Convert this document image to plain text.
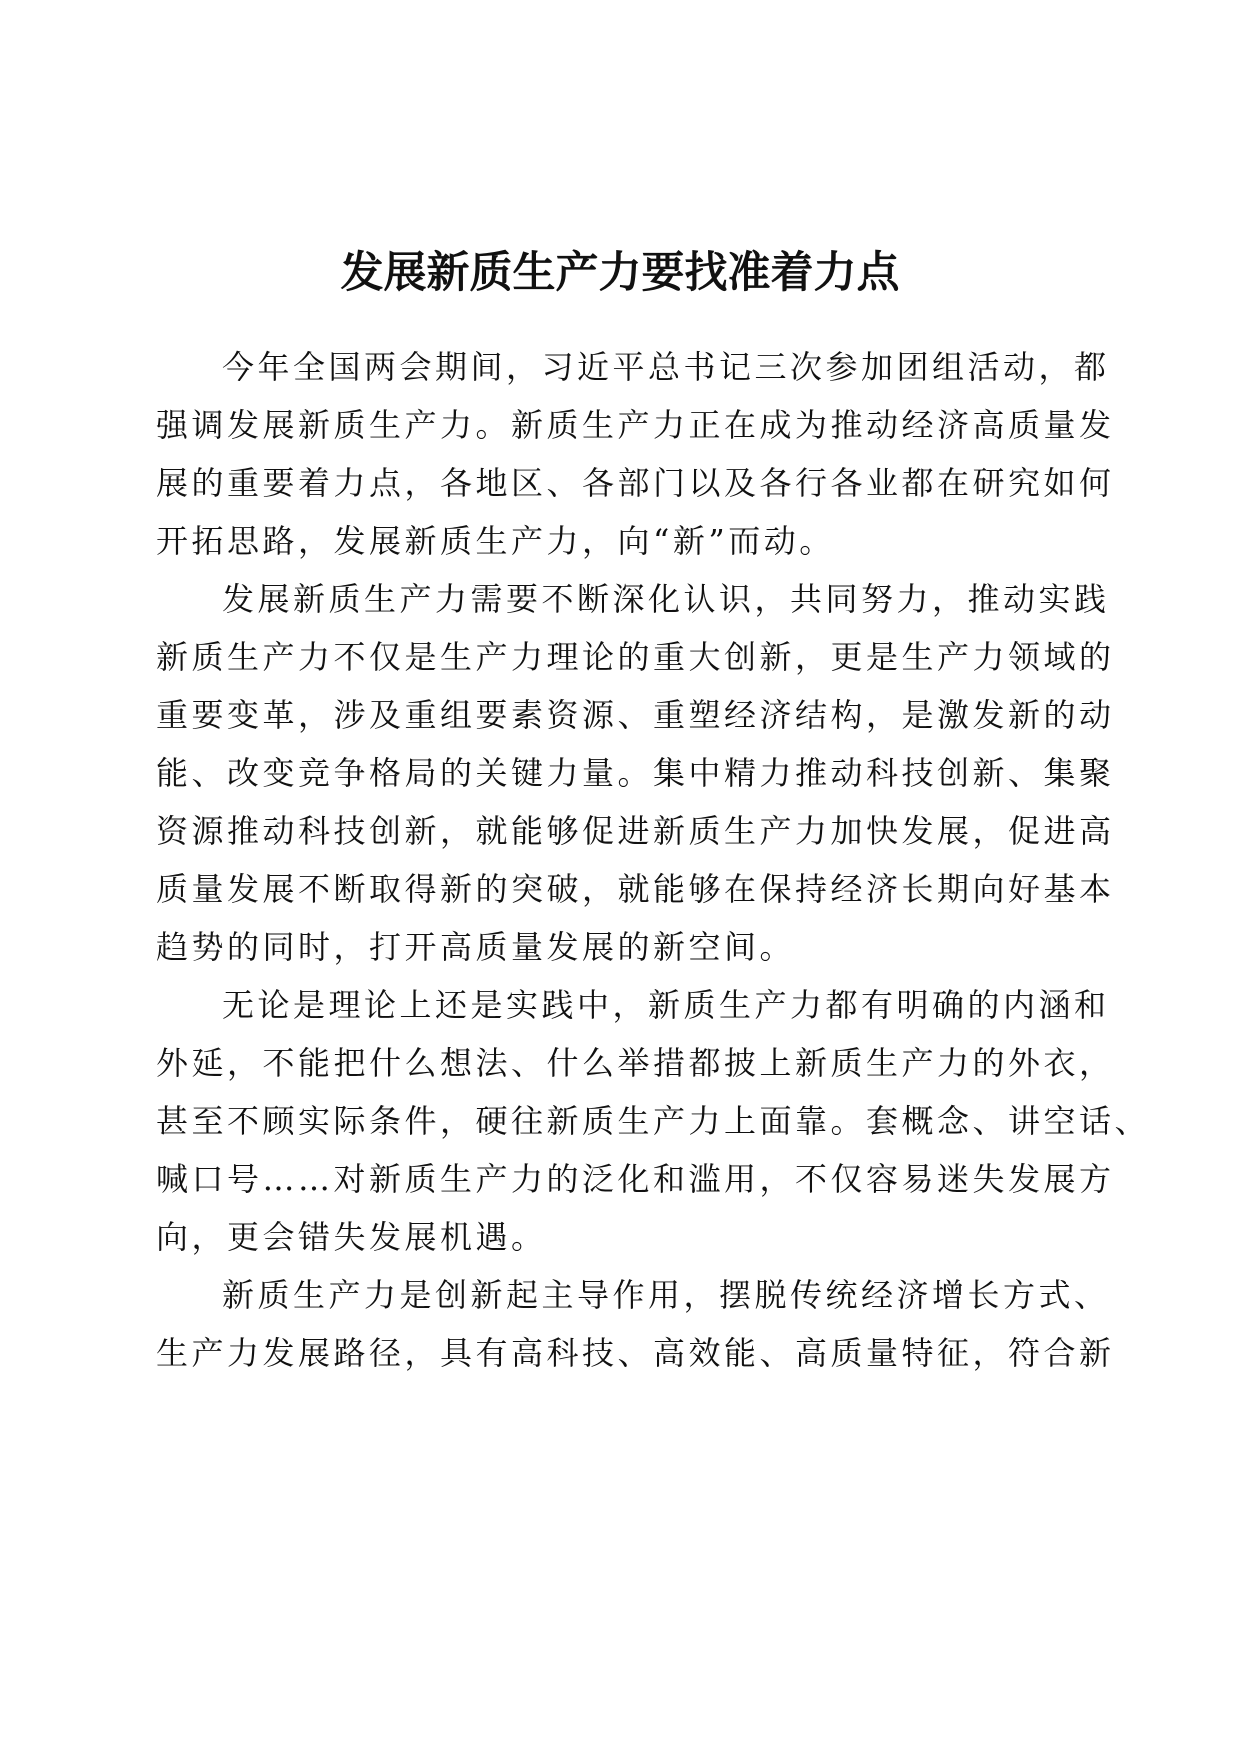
发展新质生产力要找准着力点

今年全国两会期间，习近平总书记三次参加团组活动，都

强调发展新质生产力。新质生产力正在成为推动经济高质量发

展的重要着力点，各地区、各部门以及各行各业都在研究如何

开拓思路，发展新质生产力，向“新”而动。

发展新质生产力需要不断深化认识，共同努力，推动实践

新质生产力不仅是生产力理论的重大创新，更是生产力领域的

重要变革，涉及重组要素资源、重塑经济结构，是激发新的动

能、改变竞争格局的关键力量。集中精力推动科技创新、集聚

资源推动科技创新，就能够促进新质生产力加快发展，促进高

质量发展不断取得新的突破，就能够在保持经济长期向好基本

趋势的同时，打开高质量发展的新空间。

无论是理论上还是实践中，新质生产力都有明确的内涵和

外延，不能把什么想法、什么举措都披上新质生产力的外衣，

甚至不顾实际条件，硬往新质生产力上面靠。套概念、讲空话、

喊口号……对新质生产力的泛化和滥用，不仅容易迷失发展方

向，更会错失发展机遇。

新质生产力是创新起主导作用，摆脱传统经济增长方式、

生产力发展路径，具有高科技、高效能、高质量特征，符合新
